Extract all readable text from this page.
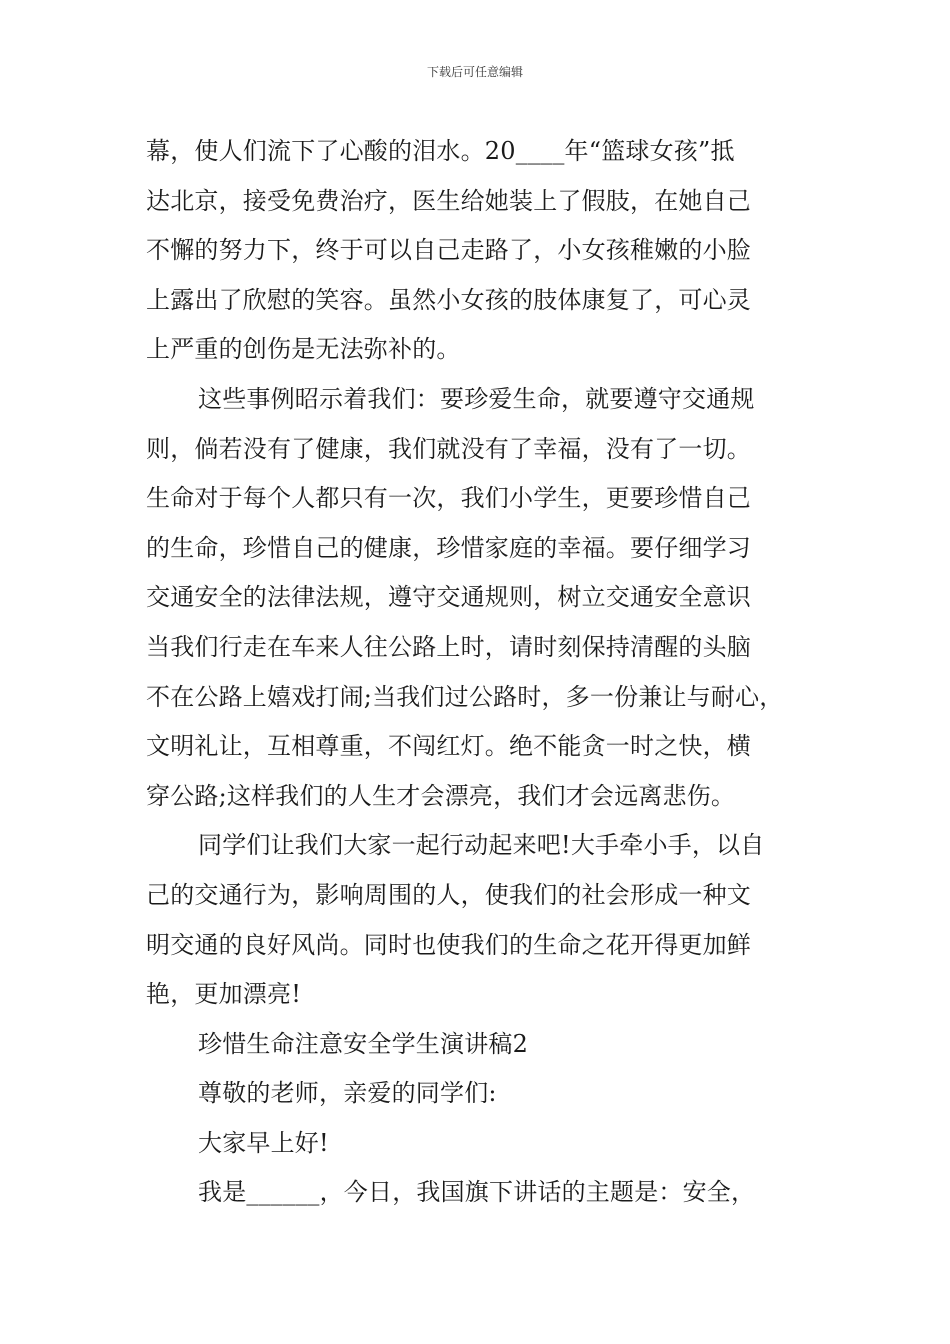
下载后可任意编辑
幕，使人们流下了心酸的泪水。20____年“篮球女孩”抵
达北京，接受免费治疗，医生给她装上了假肢，在她自己
不懈的努力下，终于可以自己走路了，小女孩稚嫩的小脸
上露出了欣慰的笑容。虽然小女孩的肢体康复了，可心灵
上严重的创伤是无法弥补的。
这些事例昭示着我们：要珍爱生命，就要遵守交通规
则，倘若没有了健康，我们就没有了幸福，没有了一切。
生命对于每个人都只有一次，我们小学生，更要珍惜自己
的生命，珍惜自己的健康，珍惜家庭的幸福。要仔细学习
交通安全的法律法规，遵守交通规则，树立交通安全意识
当我们行走在车来人往公路上时，请时刻保持清醒的头脑
不在公路上嬉戏打闹;当我们过公路时，多一份兼让与耐心，
文明礼让，互相尊重，不闯红灯。绝不能贪一时之快，横
穿公路;这样我们的人生才会漂亮，我们才会远离悲伤。
同学们让我们大家一起行动起来吧!大手牵小手，以自
己的交通行为，影响周围的人，使我们的社会形成一种文
明交通的良好风尚。同时也使我们的生命之花开得更加鲜
艳，更加漂亮!
珍惜生命注意安全学生演讲稿2
尊敬的老师，亲爱的同学们:
大家早上好!
我是______，今日，我国旗下讲话的主题是：安全，
